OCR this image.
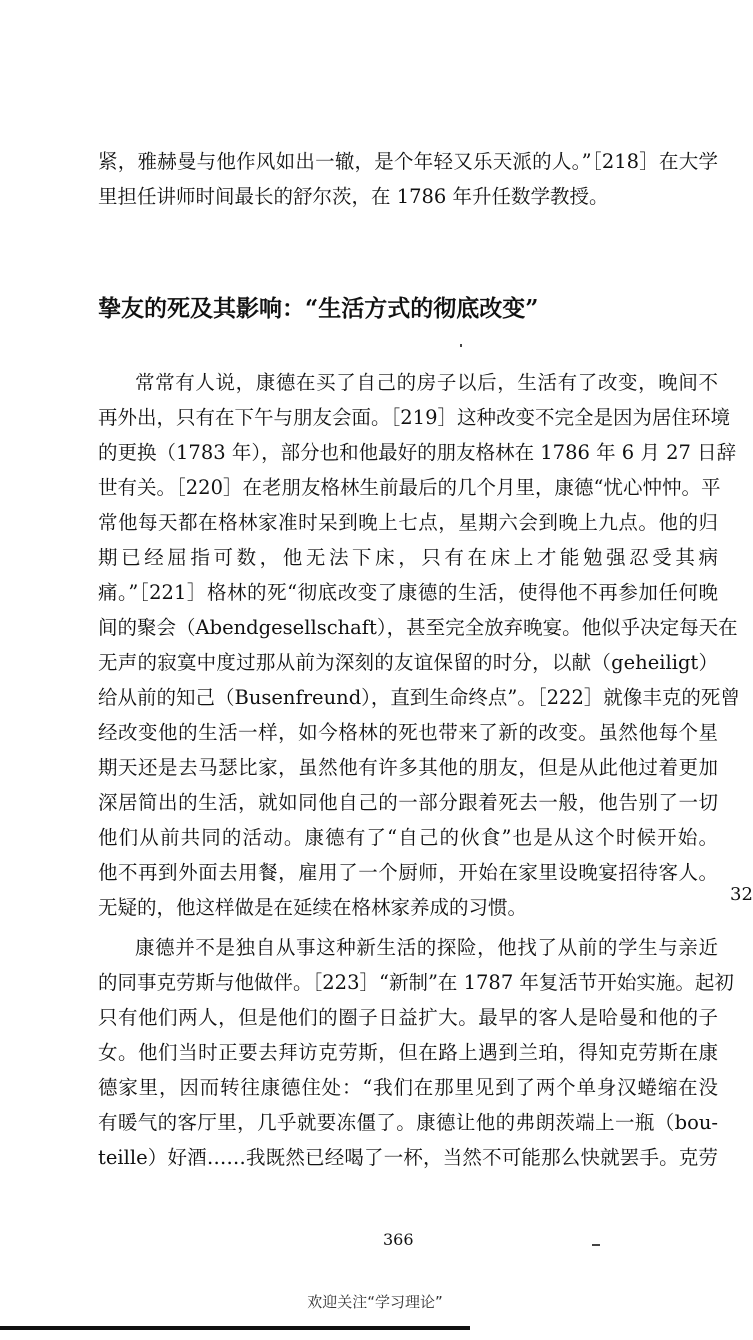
紧，雅赫曼与他作风如出一辙，是个年轻又乐天派的人。”［218］在大学
里担任讲师时间最长的舒尔茨，在 1786 年升任数学教授。
挚友的死及其影响：“生活方式的彻底改变”
常常有人说，康德在买了自己的房子以后，生活有了改变，晚间不
再外出，只有在下午与朋友会面。［219］这种改变不完全是因为居住环境
的更换（1783 年），部分也和他最好的朋友格林在 1786 年 6 月 27 日辞
世有关。［220］在老朋友格林生前最后的几个月里，康德“忧心忡忡。平
常他每天都在格林家准时呆到晚上七点，星期六会到晚上九点。他的归
期已经屈指可数，他无法下床，只有在床上才能勉强忍受其病
痛。”［221］格林的死“彻底改变了康德的生活，使得他不再参加任何晚
间的聚会（Abendgesellschaft），甚至完全放弃晚宴。他似乎决定每天在
无声的寂寞中度过那从前为深刻的友谊保留的时分，以献（geheiligt）
给从前的知己（Busenfreund），直到生命终点”。［222］就像丰克的死曾
经改变他的生活一样，如今格林的死也带来了新的改变。虽然他每个星
期天还是去马瑟比家，虽然他有许多其他的朋友，但是从此他过着更加
深居简出的生活，就如同他自己的一部分跟着死去一般，他告别了一切
他们从前共同的活动。康德有了“自己的伙食”也是从这个时候开始。
他不再到外面去用餐，雇用了一个厨师，开始在家里设晚宴招待客人。
无疑的，他这样做是在延续在格林家养成的习惯。
32
康德并不是独自从事这种新生活的探险，他找了从前的学生与亲近
的同事克劳斯与他做伴。［223］“新制”在 1787 年复活节开始实施。起初
只有他们两人，但是他们的圈子日益扩大。最早的客人是哈曼和他的子
女。他们当时正要去拜访克劳斯，但在路上遇到兰珀，得知克劳斯在康
德家里，因而转往康德住处：“我们在那里见到了两个单身汉蜷缩在没
有暖气的客厅里，几乎就要冻僵了。康德让他的弗朗茨端上一瓶（bou-
teille）好酒……我既然已经喝了一杯，当然不可能那么快就罢手。克劳
366
欢迎关注“学习理论”
